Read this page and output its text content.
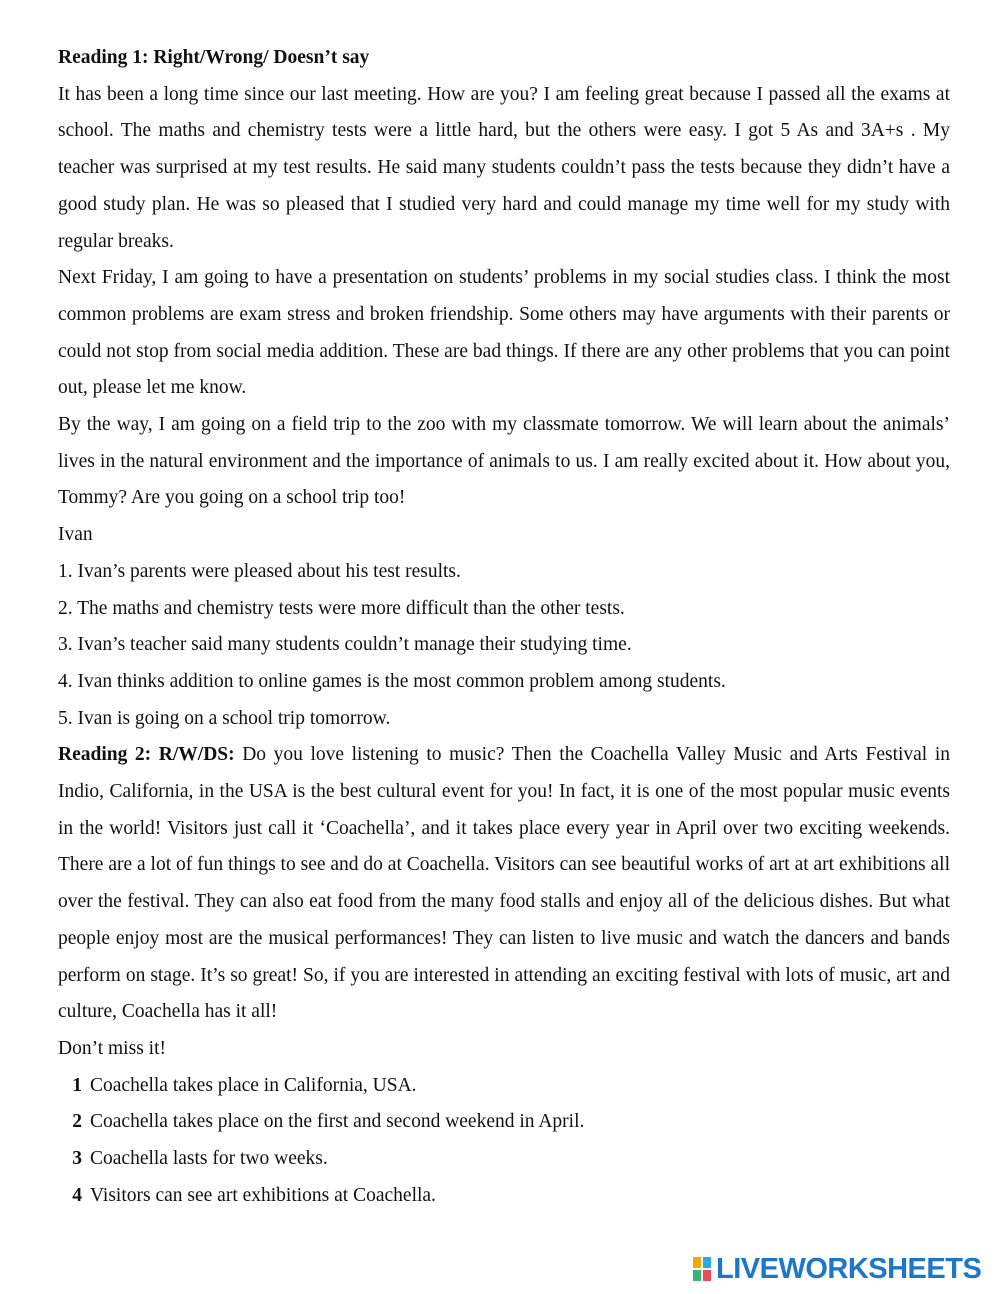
Reading 1: Right/Wrong/ Doesn’t say

It has been a long time since our last meeting. How are you? I am feeling great because I passed all the exams at school. The maths and chemistry tests were a little hard, but the others were easy. I got 5 As and 3A+s . My teacher was surprised at my test results. He said many students couldn’t pass the tests because they didn’t have a good study plan. He was so pleased that I studied very hard and could manage my time well for my study with regular breaks.

Next Friday, I am going to have a presentation on students’ problems in my social studies class. I think the most common problems are exam stress and broken friendship. Some others may have arguments with their parents or could not stop from social media addition. These are bad things. If there are any other problems that you can point out, please let me know.

By the way, I am going on a field trip to the zoo with my classmate tomorrow. We will learn about the animals’ lives in the natural environment and the importance of animals to us. I am really excited about it. How about you, Tommy? Are you going on a school trip too!

Ivan

1. Ivan’s parents were pleased about his test results.

2. The maths and chemistry tests were more difficult than the other tests.

3. Ivan’s teacher said many students couldn’t manage their studying time.

4. Ivan thinks addition to online games is the most common problem among students.

5. Ivan is going on a school trip tomorrow.

Reading 2: R/W/DS: Do you love listening to music? Then the Coachella Valley Music and Arts Festival in Indio, California, in the USA is the best cultural event for you! In fact, it is one of the most popular music events in the world! Visitors just call it ‘Coachella’, and it takes place every year in April over two exciting weekends. There are a lot of fun things to see and do at Coachella. Visitors can see beautiful works of art at art exhibitions all over the festival. They can also eat food from the many food stalls and enjoy all of the delicious dishes. But what people enjoy most are the musical performances! They can listen to live music and watch the dancers and bands perform on stage. It’s so great! So, if you are interested in attending an exciting festival with lots of music, art and culture, Coachella has it all!

Don’t miss it!

1 Coachella takes place in California, USA.

2 Coachella takes place on the first and second weekend in April.

3 Coachella lasts for two weeks.

4 Visitors can see art exhibitions at Coachella.

LIVEWORKSHEETS
